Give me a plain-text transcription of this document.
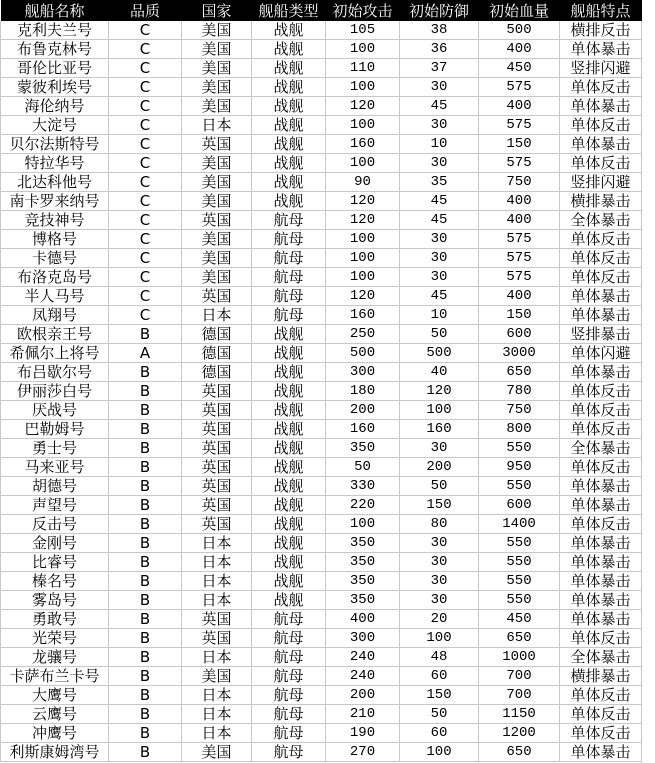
舰船名称	品质	国家	舰船类型	初始攻击	初始防御	初始血量	舰船特点
克利夫兰号	C	美国	战舰	105	38	500	横排反击
布鲁克林号	C	美国	战舰	100	36	400	单体暴击
哥伦比亚号	C	美国	战舰	110	37	450	竖排闪避
蒙彼利埃号	C	美国	战舰	100	30	575	单体反击
海伦纳号	C	美国	战舰	120	45	400	单体暴击
大淀号	C	日本	战舰	100	30	575	单体反击
贝尔法斯特号	C	英国	战舰	160	10	150	单体暴击
特拉华号	C	美国	战舰	100	30	575	单体反击
北达科他号	C	美国	战舰	90	35	750	竖排闪避
南卡罗来纳号	C	美国	战舰	120	45	400	横排暴击
竞技神号	C	英国	航母	120	45	400	全体暴击
博格号	C	美国	航母	100	30	575	单体反击
卡德号	C	美国	航母	100	30	575	单体反击
布洛克岛号	C	美国	航母	100	30	575	单体反击
半人马号	C	英国	航母	120	45	400	单体暴击
凤翔号	C	日本	航母	160	10	150	单体暴击
欧根亲王号	B	德国	战舰	250	50	600	竖排暴击
希佩尔上将号	A	德国	战舰	500	500	3000	单体闪避
布吕歇尔号	B	德国	战舰	300	40	650	单体暴击
伊丽莎白号	B	英国	战舰	180	120	780	单体反击
厌战号	B	英国	战舰	200	100	750	单体反击
巴勒姆号	B	英国	战舰	160	160	800	单体反击
勇士号	B	英国	战舰	350	30	550	全体暴击
马来亚号	B	英国	战舰	50	200	950	单体反击
胡德号	B	英国	战舰	330	50	550	单体暴击
声望号	B	英国	战舰	220	150	600	单体暴击
反击号	B	英国	战舰	100	80	1400	单体反击
金刚号	B	日本	战舰	350	30	550	单体暴击
比睿号	B	日本	战舰	350	30	550	单体暴击
榛名号	B	日本	战舰	350	30	550	单体暴击
雾岛号	B	日本	战舰	350	30	550	单体暴击
勇敢号	B	英国	航母	400	20	450	单体暴击
光荣号	B	英国	航母	300	100	650	单体反击
龙骧号	B	日本	航母	240	48	1000	全体暴击
卡萨布兰卡号	B	美国	航母	240	60	700	横排暴击
大鹰号	B	日本	航母	200	150	700	单体反击
云鹰号	B	日本	航母	210	50	1150	单体反击
冲鹰号	B	日本	航母	190	60	1200	单体反击
利斯康姆湾号	B	美国	航母	270	100	650	单体暴击
